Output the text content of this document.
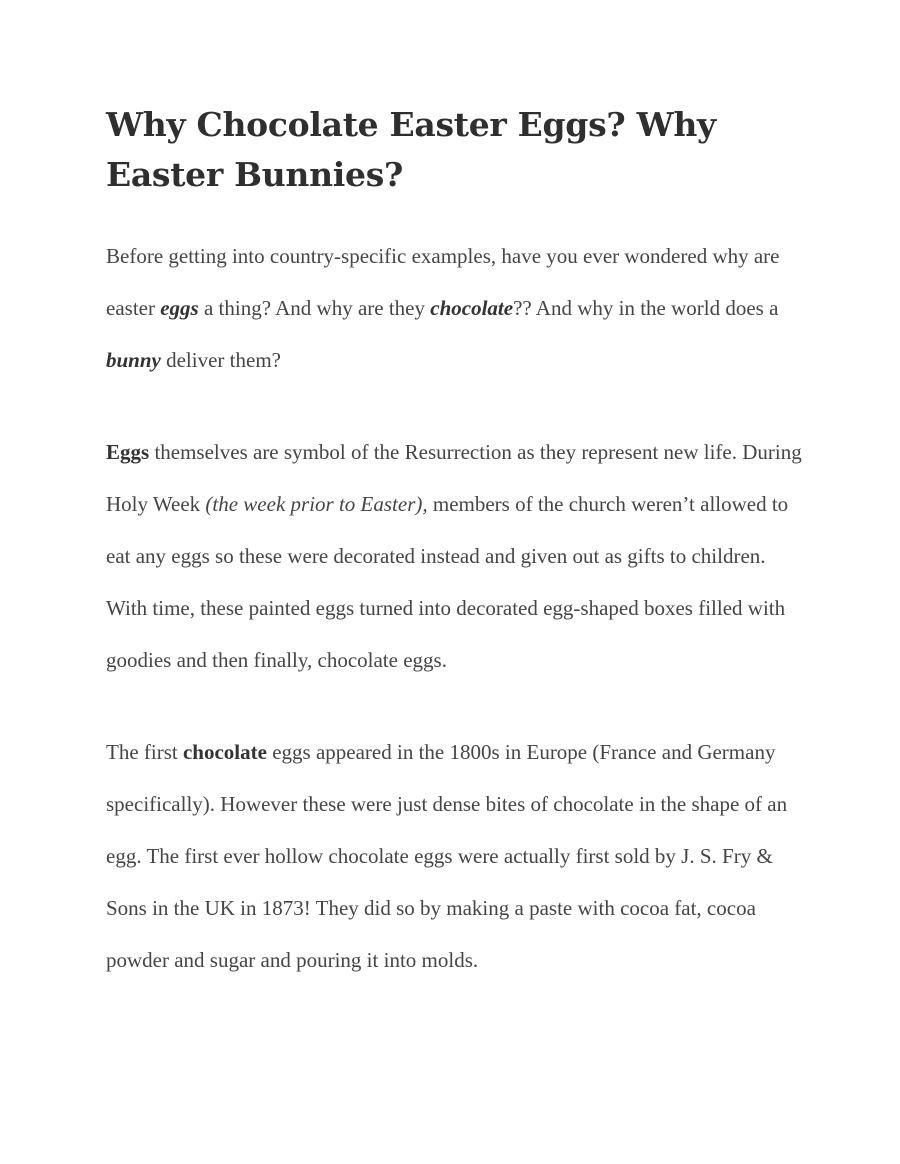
Why Chocolate Easter Eggs? Why Easter Bunnies?

Before getting into country-specific examples, have you ever wondered why are easter eggs a thing? And why are they chocolate?? And why in the world does a bunny deliver them?

Eggs themselves are symbol of the Resurrection as they represent new life. During Holy Week (the week prior to Easter), members of the church weren’t allowed to eat any eggs so these were decorated instead and given out as gifts to children. With time, these painted eggs turned into decorated egg-shaped boxes filled with goodies and then finally, chocolate eggs.

The first chocolate eggs appeared in the 1800s in Europe (France and Germany specifically). However these were just dense bites of chocolate in the shape of an egg. The first ever hollow chocolate eggs were actually first sold by J. S. Fry & Sons in the UK in 1873! They did so by making a paste with cocoa fat, cocoa powder and sugar and pouring it into molds.
